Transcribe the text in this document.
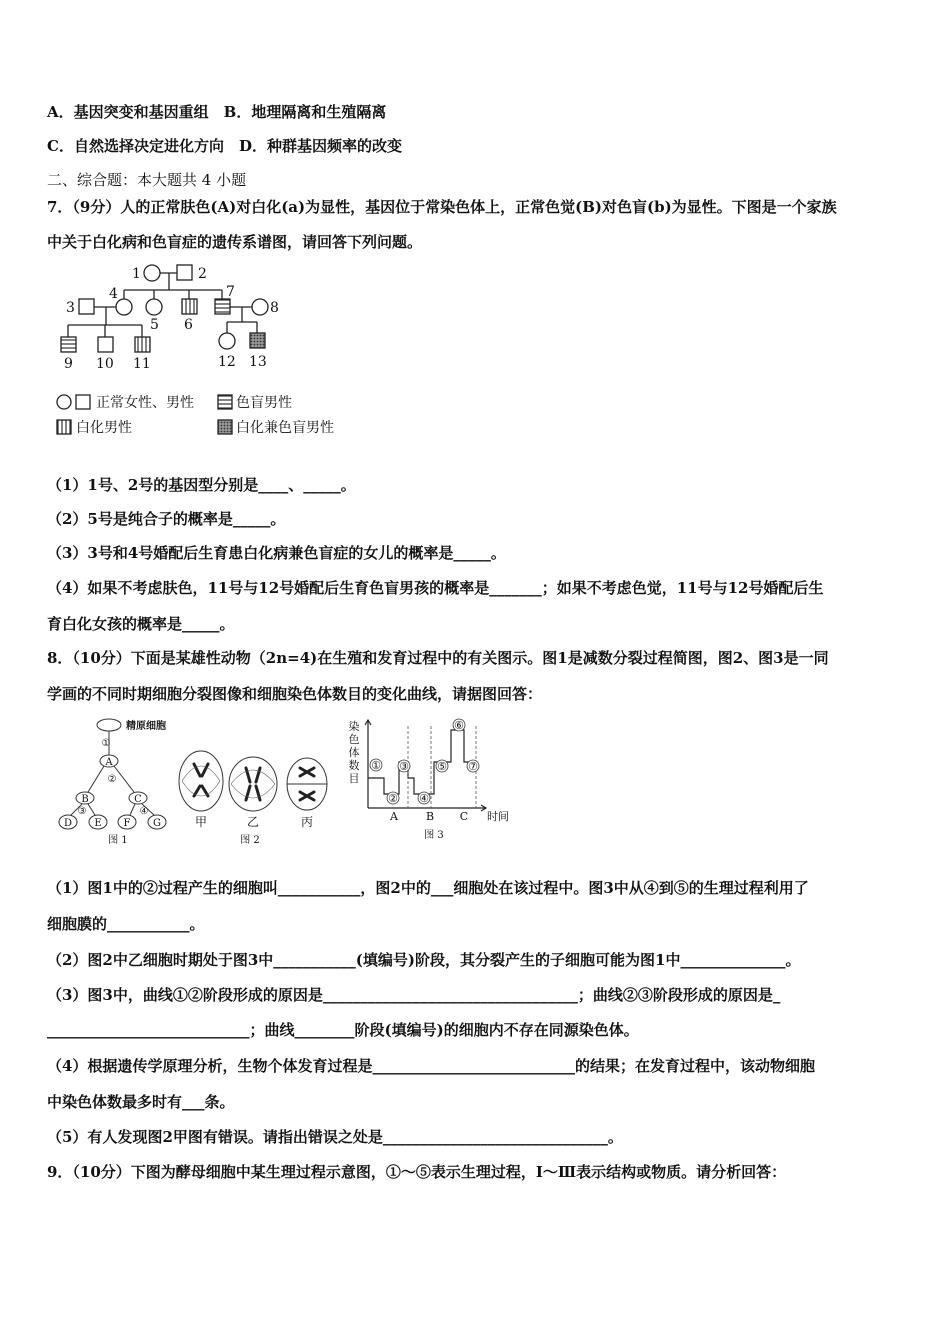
A．基因突变和基因重组　B．地理隔离和生殖隔离
C．自然选择决定进化方向　D．种群基因频率的改变
二、综合题：本大题共 4 小题
7．（9分）人的正常肤色(A)对白化(a)为显性，基因位于常染色体上，正常色觉(B)对色盲(b)为显性。下图是一个家族
中关于白化病和色盲症的遗传系谱图，请回答下列问题。
1	2
3
4
5 6
7
8
9 10 11	12 13
正常女性、男性	色盲男性
白化男性	白化兼色盲男性
（1）1号、2号的基因型分别是____、_____。
（2）5号是纯合子的概率是_____。
（3）3号和4号婚配后生育患白化病兼色盲症的女儿的概率是_____。
（4）如果不考虑肤色，11号与12号婚配后生育色盲男孩的概率是_______；如果不考虑色觉，11号与12号婚配后生
育白化女孩的概率是_____。
8．（10分）下面是某雄性动物（2n=4)在生殖和发育过程中的有关图示。图1是减数分裂过程简图，图2、图3是一同
学画的不同时期细胞分裂图像和细胞染色体数目的变化曲线，请据图回答：
精原细胞
①
A
②
B	C
③	④
D E F G
图 1
甲	乙	丙
图 2
染
色
体
数
目
①
②
③
④
⑤
⑥
⑦
A	B C 时间
图 3
（1）图1中的②过程产生的细胞叫___________，图2中的___细胞处在该过程中。图3中从④到⑤的生理过程利用了
细胞膜的___________。
（2）图2中乙细胞时期处于图3中___________(填编号)阶段，其分裂产生的子细胞可能为图1中______________。
（3）图3中，曲线①②阶段形成的原因是__________________________________；曲线②③阶段形成的原因是_
___________________________；曲线________阶段(填编号)的细胞内不存在同源染色体。
（4）根据遗传学原理分析，生物个体发育过程是___________________________的结果；在发育过程中，该动物细胞
中染色体数最多时有___条。
（5）有人发现图2甲图有错误。请指出错误之处是______________________________。
9．（10分）下图为酵母细胞中某生理过程示意图，①～⑤表示生理过程，Ⅰ～Ⅲ表示结构或物质。请分析回答：
